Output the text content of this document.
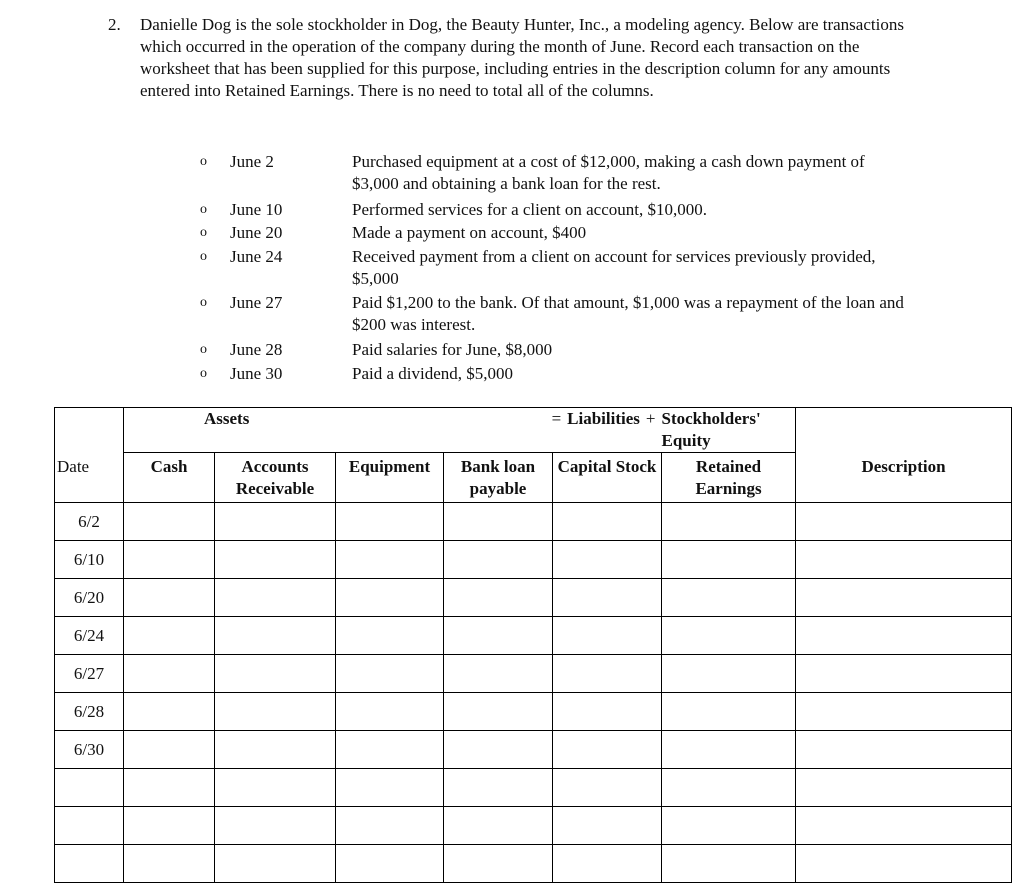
2. Danielle Dog is the sole stockholder in Dog, the Beauty Hunter, Inc., a modeling agency. Below are transactions which occurred in the operation of the company during the month of June. Record each transaction on the worksheet that has been supplied for this purpose, including entries in the description column for any amounts entered into Retained Earnings. There is no need to total all of the columns.
o June 2	Purchased equipment at a cost of $12,000, making a cash down payment of $3,000 and obtaining a bank loan for the rest.
o June 10	Performed services for a client on account, $10,000.
o June 20	Made a payment on account, $400
o June 24	Received payment from a client on account for services previously provided, $5,000
o June 27	Paid $1,200 to the bank. Of that amount, $1,000 was a repayment of the loan and $200 was interest.
o June 28	Paid salaries for June, $8,000
o June 30	Paid a dividend, $5,000

	Assets = Liabilities + Stockholders' Equity						

Date	Cash	Accounts Receivable	Equipment	Bank loan payable	Capital Stock	Retained Earnings	Description
6/2							
6/10							
6/20							
6/24							
6/27							
6/28							
6/30							
